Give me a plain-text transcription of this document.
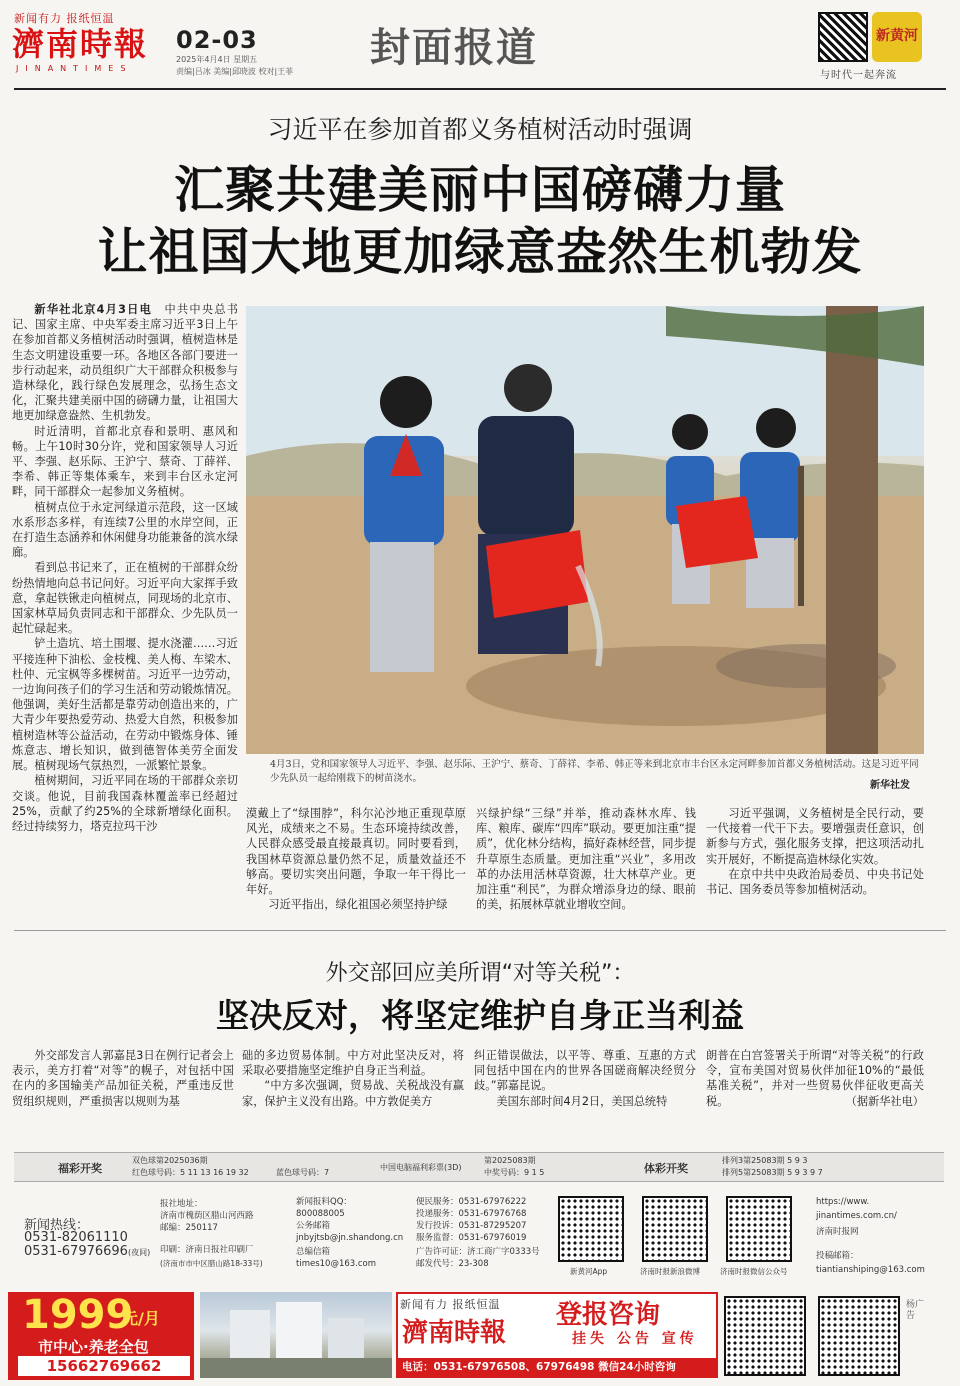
新闻有力 报纸恒温
濟南時報
JINANTIMES
02-03
2025年4月4日 星期五
责编|吕冰 美编|邱晓波 校对|王菲
封面报道	新黄河
与时代一起奔流
习近平在参加首都义务植树活动时强调
汇聚共建美丽中国磅礴力量
让祖国大地更加绿意盎然生机勃发

新华社北京4月3日电　 中共中央总书记、国家主席、中央军委主席习近平3日上午在参加首都义务植树活动时强调，植树造林是生态文明建设重要一环。各地区各部门要进一步行动起来，动员组织广大干部群众积极参与造林绿化，践行绿色发展理念，弘扬生态文化，汇聚共建美丽中国的磅礴力量，让祖国大地更加绿意盎然、生机勃发。

时近清明，首都北京春和景明、惠风和畅。上午10时30分许，党和国家领导人习近平、李强、赵乐际、王沪宁、蔡奇、丁薛祥、李希、韩正等集体乘车，来到丰台区永定河畔，同干部群众一起参加义务植树。

植树点位于永定河绿道示范段，这一区域水系形态多样，有连续7公里的水岸空间，正在打造生态涵养和休闲健身功能兼备的滨水绿廊。

看到总书记来了，正在植树的干部群众纷纷热情地向总书记问好。习近平向大家挥手致意，拿起铁锹走向植树点，同现场的北京市、国家林草局负责同志和干部群众、少先队员一起忙碌起来。

铲土造坑、培土围堰、提水浇灌……习近平接连种下油松、金枝槐、美人梅、车梁木、杜仲、元宝枫等多棵树苗。习近平一边劳动，一边询问孩子们的学习生活和劳动锻炼情况。他强调，美好生活都是靠劳动创造出来的，广大青少年要热爱劳动、热爱大自然，积极参加植树造林等公益活动，在劳动中锻炼身体、锤炼意志、增长知识，做到德智体美劳全面发展。植树现场气氛热烈，一派繁忙景象。

植树期间，习近平同在场的干部群众亲切交谈。他说，目前我国森林覆盖率已经超过25%，贡献了约25%的全球新增绿化面积。经过持续努力，塔克拉玛干沙

4月3日，党和国家领导人习近平、李强、赵乐际、王沪宁、蔡奇、丁薛祥、李希、韩正等来到北京市丰台区永定河畔参加首都义务植树活动。这是习近平同少先队员一起给刚栽下的树苗浇水。
新华社发

漠戴上了“绿围脖”，科尔沁沙地正重现草原风光，成绩来之不易。生态环境持续改善，人民群众感受最直接最真切。同时要看到，我国林草资源总量仍然不足，质量效益还不够高。要切实突出问题，争取一年干得比一年好。

习近平指出，绿化祖国必须坚持护绿

兴绿护绿“三绿”并举，推动森林水库、钱库、粮库、碳库“四库”联动。要更加注重“提质”，优化林分结构，搞好森林经营，同步提升草原生态质量。更加注重“兴业”，多用改革的办法用活林草资源，壮大林草产业。更加注重“利民”，为群众增添身边的绿、眼前的美，拓展林草就业增收空间。

习近平强调，义务植树是全民行动，要一代接着一代干下去。要增强责任意识，创新参与方式，强化服务支撑，把这项活动扎实开展好，不断提高造林绿化实效。

在京中共中央政治局委员、中央书记处书记、国务委员等参加植树活动。

外交部回应美所谓“对等关税”：
坚决反对，将坚定维护自身正当利益

外交部发言人郭嘉昆3日在例行记者会上表示，美方打着“对等”的幌子，对包括中国在内的多国输美产品加征关税，严重违反世贸组织规则，严重损害以规则为基

础的多边贸易体制。中方对此坚决反对，将采取必要措施坚定维护自身正当利益。

“中方多次强调，贸易战、关税战没有赢家，保护主义没有出路。中方敦促美方

纠正错误做法，以平等、尊重、互惠的方式同包括中国在内的世界各国磋商解决经贸分歧。”郭嘉昆说。

美国东部时间4月2日，美国总统特

朗普在白宫签署关于所谓“对等关税”的行政令，宣布美国对贸易伙伴加征10%的“最低基准关税”，并对一些贸易伙伴征收更高关税。	（据新华社电）

福彩开奖
双色球第2025036期
红色球号码：5 11 13 16 19 32	蓝色球号码：7
中国电脑福利彩票(3D)
第2025083期
中奖号码：9 1 5	体彩开奖
排列3第25083期 5 9 3
排列5第25083期 5 9 3 9 7
新闻热线：
0531-82061110
0531-67976696(夜间)
报社地址：
济南市槐荫区腊山河西路
邮编：250117
印刷：济南日报社印刷厂
(济南市市中区腊山路18-33号)
新闻报料QQ：
800088005
公务邮箱
jnbyjtsb@jn.shandong.cn
总编信箱
times10@163.com
便民服务：0531-67976222
投递服务：0531-67976768
发行投诉：0531-87295207
服务监督：0531-67976019
广告许可证：济工商广字0333号
邮发代号：23-308
新黄河App	济南时报新浪微博	济南时报微信公众号
https://www.
jinantimes.com.cn/
济南时报网
投稿邮箱：
tiantianshiping@163.com
1999
元/月
市中心·养老全包
15662769662
新闻有力 报纸恒温
濟南時報
登报咨询
挂失 公告 宣传
电话：0531-67976508、67976498 微信24小时咨询
杨广告
